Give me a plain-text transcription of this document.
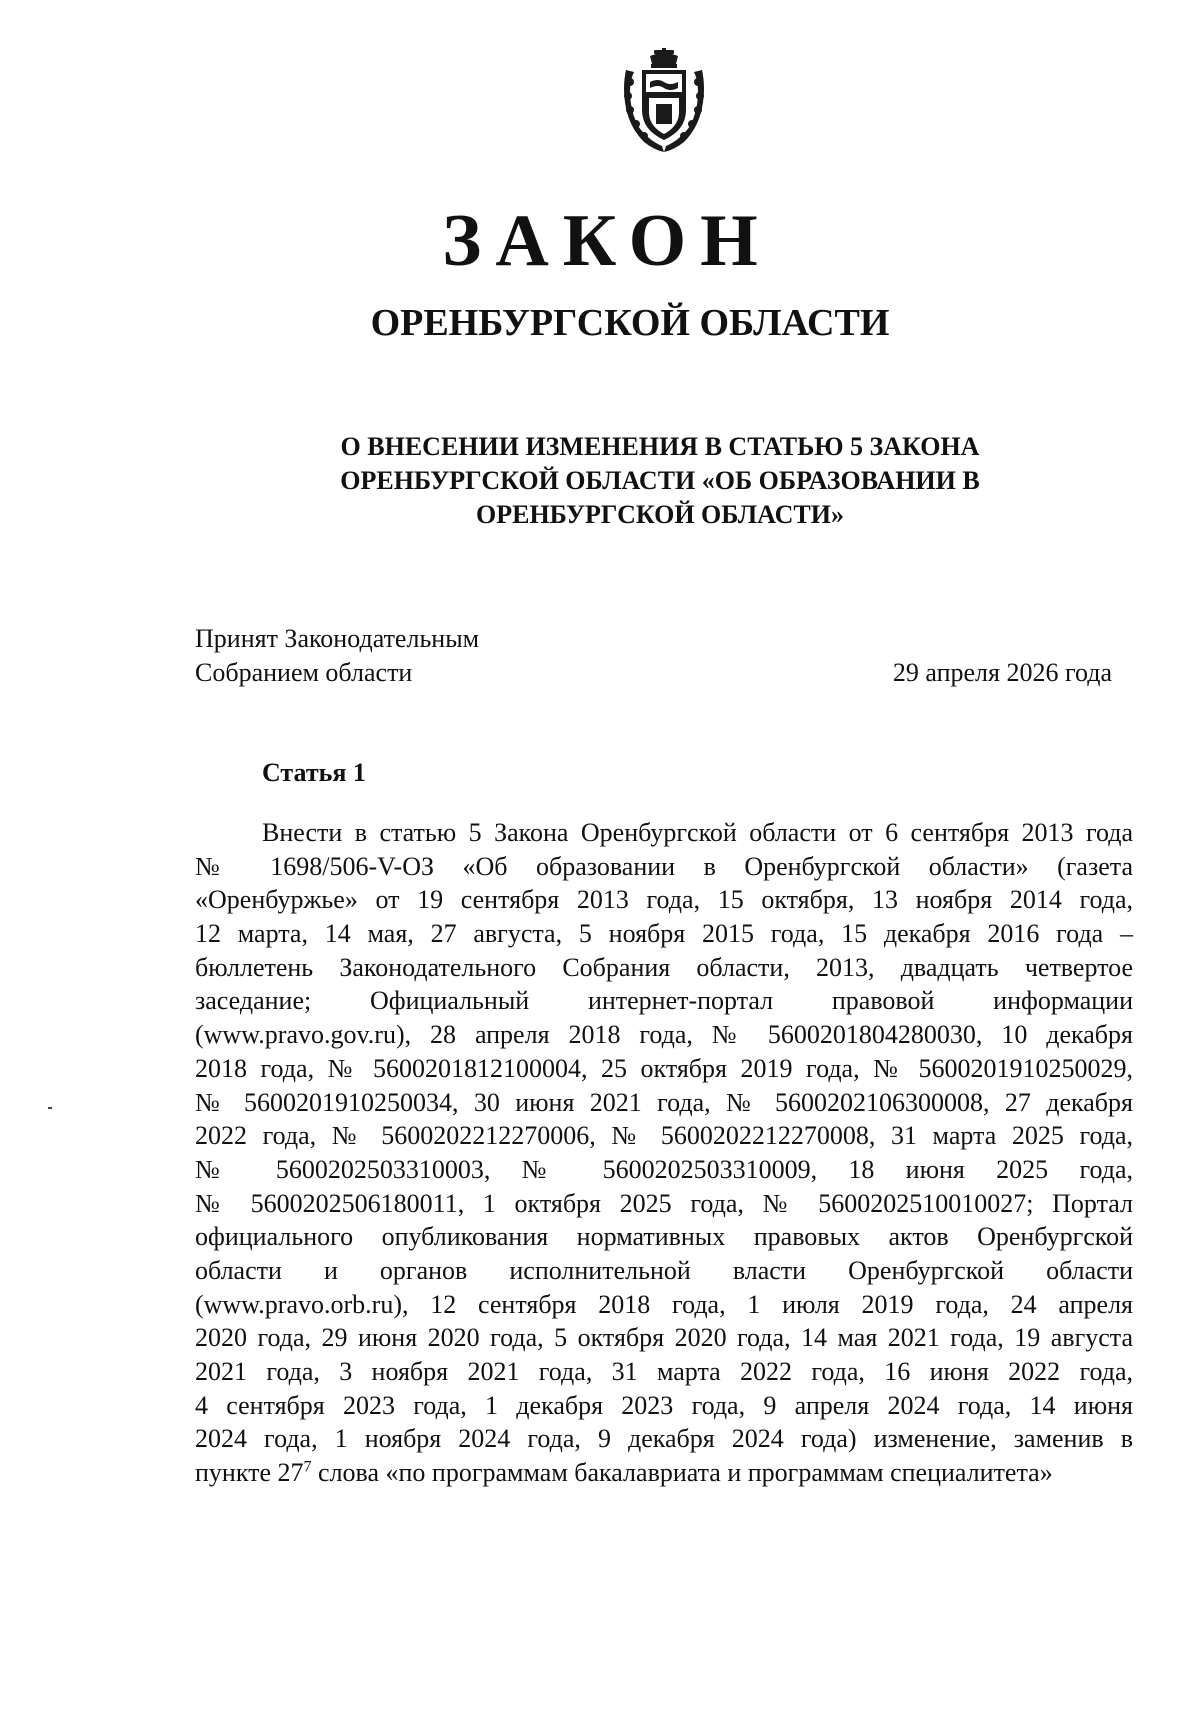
ЗАКОН
ОРЕНБУРГСКОЙ ОБЛАСТИ
О ВНЕСЕНИИ ИЗМЕНЕНИЯ В СТАТЬЮ 5 ЗАКОНА
ОРЕНБУРГСКОЙ ОБЛАСТИ «ОБ ОБРАЗОВАНИИ В
ОРЕНБУРГСКОЙ ОБЛАСТИ»
Принят Законодательным
Собранием области	29 апреля 2026 года
Статья 1
Внести в статью 5 Закона Оренбургской области от 6 сентября 2013 года
№ 1698/506-V-ОЗ «Об образовании в Оренбургской области» (газета
«Оренбуржье» от 19 сентября 2013 года, 15 октября, 13 ноября 2014 года,
12 марта, 14 мая, 27 августа, 5 ноября 2015 года, 15 декабря 2016 года –
бюллетень Законодательного Собрания области, 2013, двадцать четвертое
заседание; Официальный интернет-портал правовой информации
(www.pravo.gov.ru), 28 апреля 2018 года, № 5600201804280030, 10 декабря
2018 года, № 5600201812100004, 25 октября 2019 года, № 5600201910250029,
№ 5600201910250034, 30 июня 2021 года, № 5600202106300008, 27 декабря
2022 года, № 5600202212270006, № 5600202212270008, 31 марта 2025 года,
№ 5600202503310003, № 5600202503310009, 18 июня 2025 года,
№ 5600202506180011, 1 октября 2025 года, № 5600202510010027; Портал
официального опубликования нормативных правовых актов Оренбургской
области и органов исполнительной власти Оренбургской области
(www.pravo.orb.ru), 12 сентября 2018 года, 1 июля 2019 года, 24 апреля
2020 года, 29 июня 2020 года, 5 октября 2020 года, 14 мая 2021 года, 19 августа
2021 года, 3 ноября 2021 года, 31 марта 2022 года, 16 июня 2022 года,
4 сентября 2023 года, 1 декабря 2023 года, 9 апреля 2024 года, 14 июня
2024 года, 1 ноября 2024 года, 9 декабря 2024 года) изменение, заменив в
пункте $27^7$ слова «по программам бакалавриата и программам специалитета»
